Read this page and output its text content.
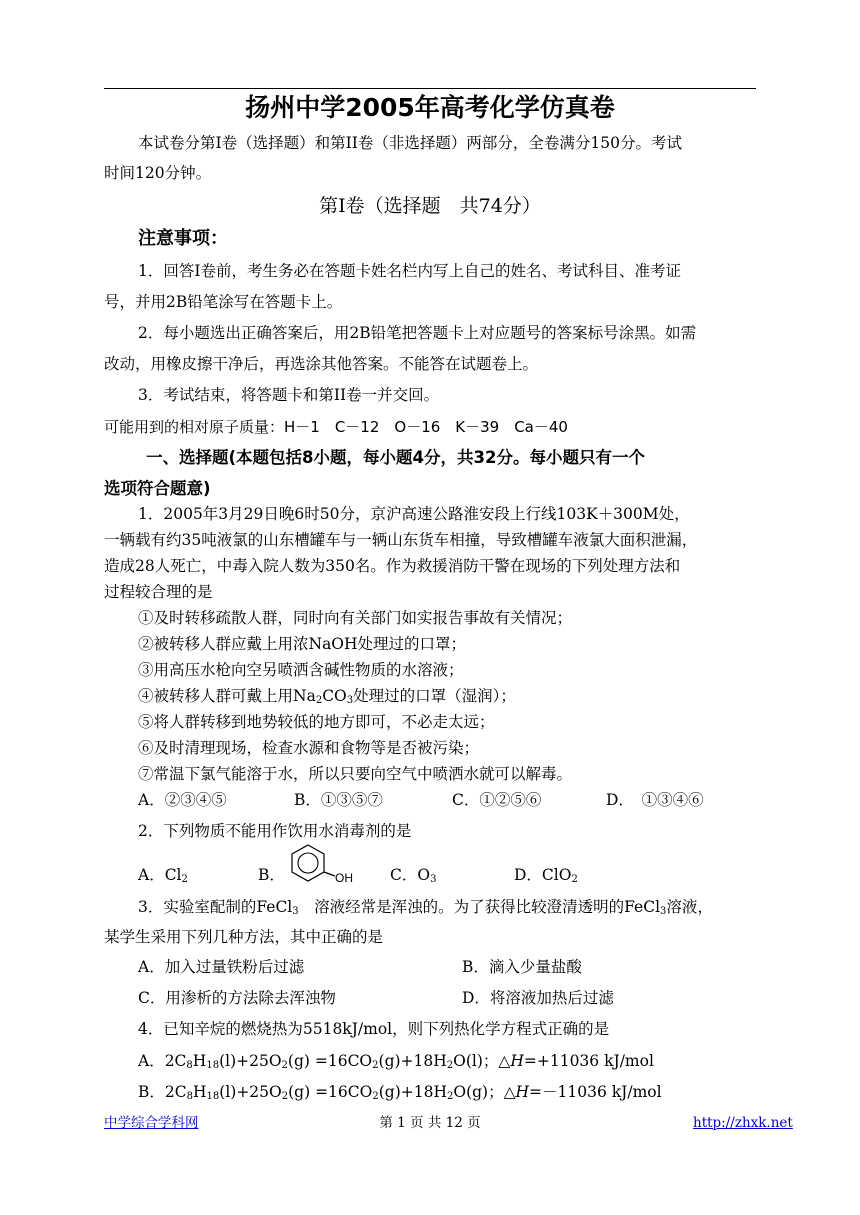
扬州中学2005年高考化学仿真卷
本试卷分第I卷（选择题）和第II卷（非选择题）两部分，全卷满分150分。考试
时间120分钟。
第Ⅰ卷（选择题　共74分）
注意事项：
1．回答I卷前，考生务必在答题卡姓名栏内写上自己的姓名、考试科目、准考证
号，并用2B铅笔涂写在答题卡上。
2．每小题选出正确答案后，用2B铅笔把答题卡上对应题号的答案标号涂黑。如需
改动，用橡皮擦干净后，再选涂其他答案。不能答在试题卷上。
3．考试结束，将答题卡和第II卷一并交回。
可能用到的相对原子质量：H－1　C－12　O－16　K－39　Ca－40
一、选择题(本题包括8小题，每小题4分，共32分。每小题只有一个
选项符合题意)
1．2005年3月29日晚6时50分，京沪高速公路淮安段上行线103K＋300M处，
一辆载有约35吨液氯的山东槽罐车与一辆山东货车相撞，导致槽罐车液氯大面积泄漏，
造成28人死亡，中毒入院人数为350名。作为救援消防干警在现场的下列处理方法和
过程较合理的是
①及时转移疏散人群，同时向有关部门如实报告事故有关情况；
②被转移人群应戴上用浓NaOH处理过的口罩；
③用高压水枪向空另喷洒含碱性物质的水溶液；
④被转移人群可戴上用$Na_2CO_3$处理过的口罩（湿润）；
⑤将人群转移到地势较低的地方即可，不必走太远；
⑥及时清理现场，检查水源和食物等是否被污染；
⑦常温下氯气能溶于水，所以只要向空气中喷洒水就可以解毒。
A．②③④⑤	B．①③⑤⑦	C．①②⑤⑥	D．　①③④⑥
2．下列物质不能用作饮用水消毒剂的是
A．$Cl_2$	B．	OH C．$O_3$	D．ClO$_2$
3．实验室配制的FeCl$_3$　溶液经常是浑浊的。为了获得比较澄清透明的FeCl$_3$溶液，
某学生采用下列几种方法，其中正确的是
A．加入过量铁粉后过滤	B．滴入少量盐酸
C．用渗析的方法除去浑浊物	D．将溶液加热后过滤
4．已知辛烷的燃烧热为5518kJ/mol，则下列热化学方程式正确的是
A．$2C_8H_{18}(l)+25O_2(g) =16CO_2(g)+18H_2O(l)$；△H=+11036 kJ/mol
B．$2C_8H_{18}(l)+25O_2(g) =16CO_2(g)+18H_2O(g)$；△H=－11036 kJ/mol
中学综合学科网	第 1 页 共 12 页	http://zhxk.net
